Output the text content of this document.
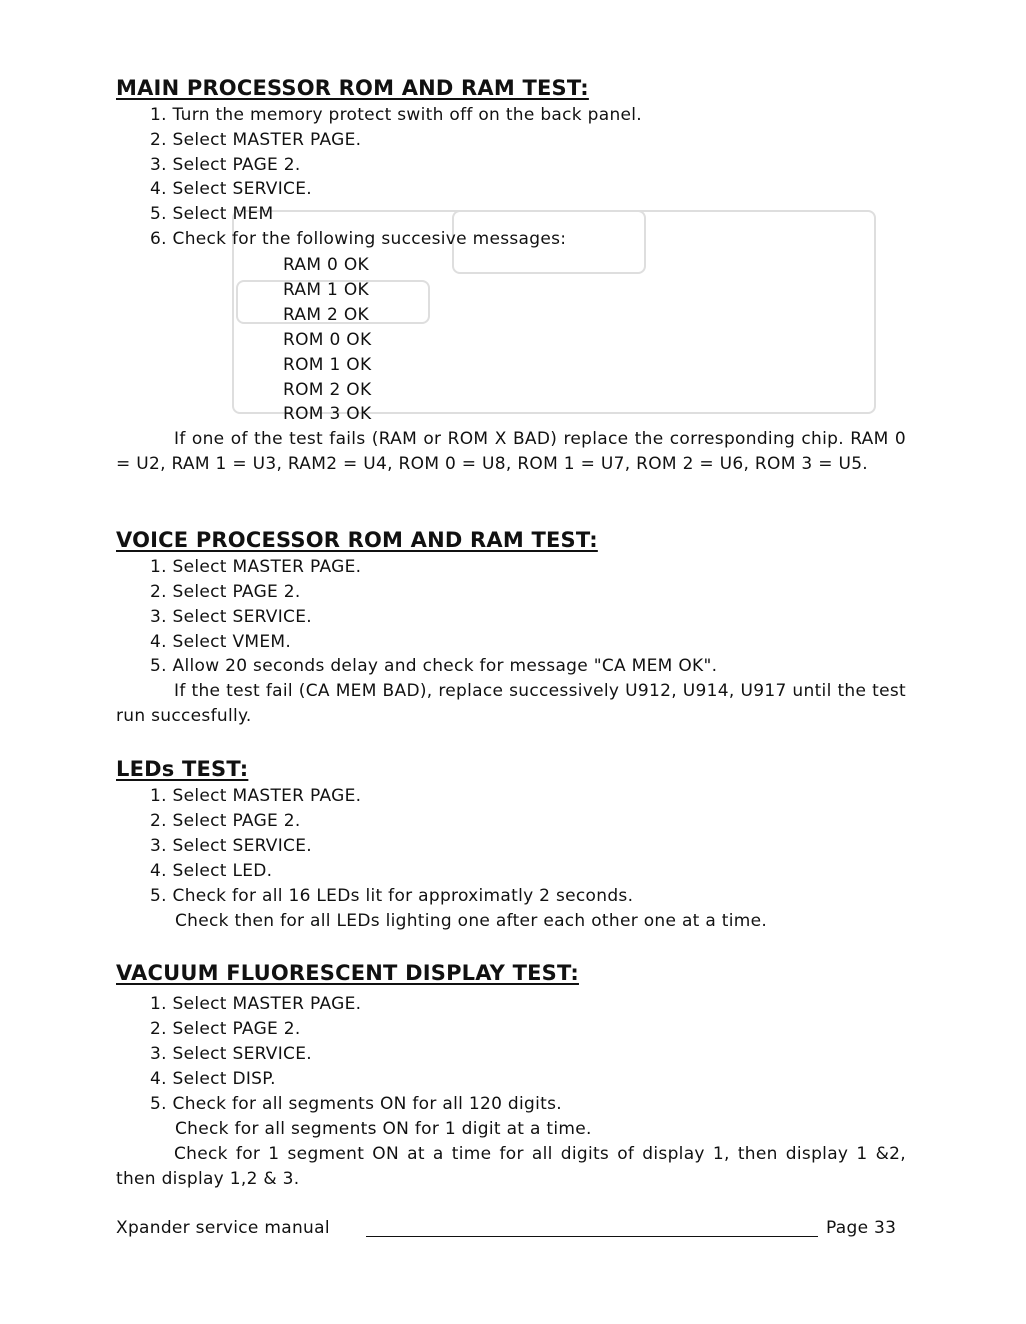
MAIN PROCESSOR ROM AND RAM TEST:
1. Turn the memory protect swith off on the back panel.
2. Select MASTER PAGE.
3. Select PAGE 2.
4. Select SERVICE.
5. Select MEM
6. Check for the following succesive messages:
RAM 0 OK
RAM 1 OK
RAM 2 OK
ROM 0 OK
ROM 1 OK
ROM 2 OK
ROM 3 OK
If one of the test fails (RAM or ROM X BAD) replace the corresponding chip. RAM 0 = U2, RAM 1 = U3, RAM2 = U4, ROM 0 = U8, ROM 1 = U7, ROM 2 = U6, ROM 3 = U5.
VOICE PROCESSOR ROM AND RAM TEST:
1. Select MASTER PAGE.
2. Select PAGE 2.
3. Select SERVICE.
4. Select VMEM.
5. Allow 20 seconds delay and check for message "CA MEM OK".
If the test fail (CA MEM BAD), replace successively U912, U914, U917 until the test run succesfully.
LEDs TEST:
1. Select MASTER PAGE.
2. Select PAGE 2.
3. Select SERVICE.
4. Select LED.
5. Check for all 16 LEDs lit for approximatly 2 seconds.
Check then for all LEDs lighting one after each other one at a time.
VACUUM FLUORESCENT DISPLAY TEST:
1. Select MASTER PAGE.
2. Select PAGE 2.
3. Select SERVICE.
4. Select DISP.
5. Check for all segments ON for all 120 digits.
Check for all segments ON for 1 digit at a time.
Check for 1 segment ON at a time for all digits of display 1, then display 1 &2, then display 1,2 & 3.
Xpander service manual	Page 33
